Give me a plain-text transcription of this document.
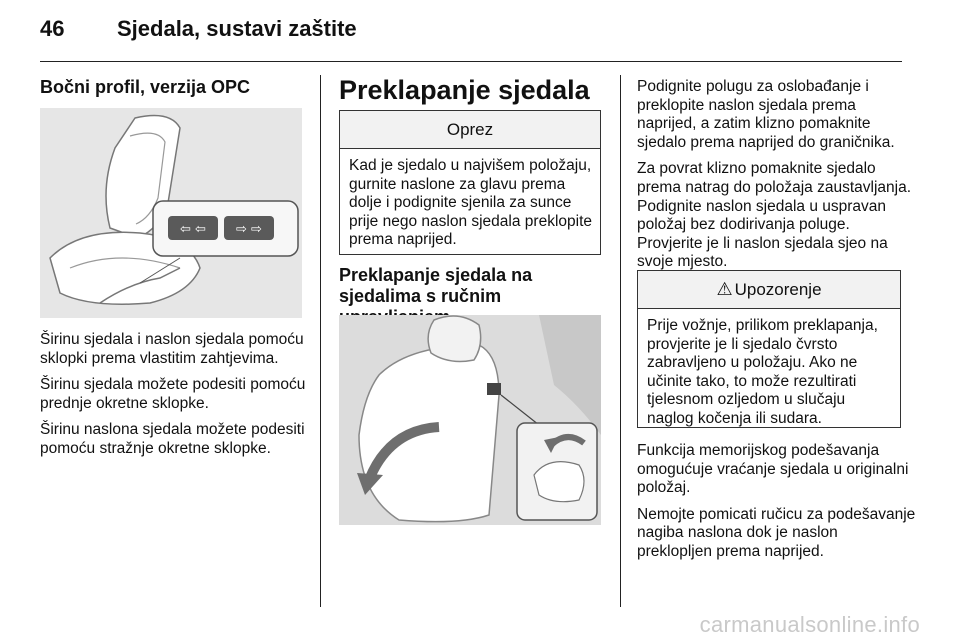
46 Sjedala, sustavi zaštite
Bočni profil, verzija OPC
⇦ ⇦ ⇨ ⇨

Širinu sjedala i naslon sjedala pomoću sklopki prema vlastitim zahtjevima.

Širinu sjedala možete podesiti pomoću prednje okretne sklopke.

Širinu naslona sjedala možete podesiti pomoću stražnje okretne sklopke.

Preklapanje sjedala
Oprez
Kad je sjedalo u najvišem položaju, gurnite naslone za glavu prema dolje i podignite sjenila za sunce prije nego naslon sjedala preklopite prema naprijed.
Preklapanje sjedala na sjedalima s ručnim

Podignite polugu za oslobađanje i preklopite naslon sjedala prema naprijed, a zatim klizno pomaknite sjedalo prema naprijed do graničnika.

Za povrat klizno pomaknite sjedalo prema natrag do položaja zaustavljanja. Podignite naslon sjedala u uspravan položaj bez dodirivanja poluge. Provjerite je li naslon sjedala sjeo na svoje mjesto.

⚠ Upozorenje
Prije vožnje, prilikom preklapanja, provjerite je li sjedalo čvrsto zabravljeno u položaju. Ako ne učinite tako, to može rezultirati tjelesnom ozljedom u slučaju naglog kočenja ili sudara.

Funkcija memorijskog podešavanja omogućuje vraćanje sjedala u originalni položaj.

Nemojte pomicati ručicu za podešavanje nagiba naslona dok je naslon preklopljen prema naprijed.

carmanualsonline.info
